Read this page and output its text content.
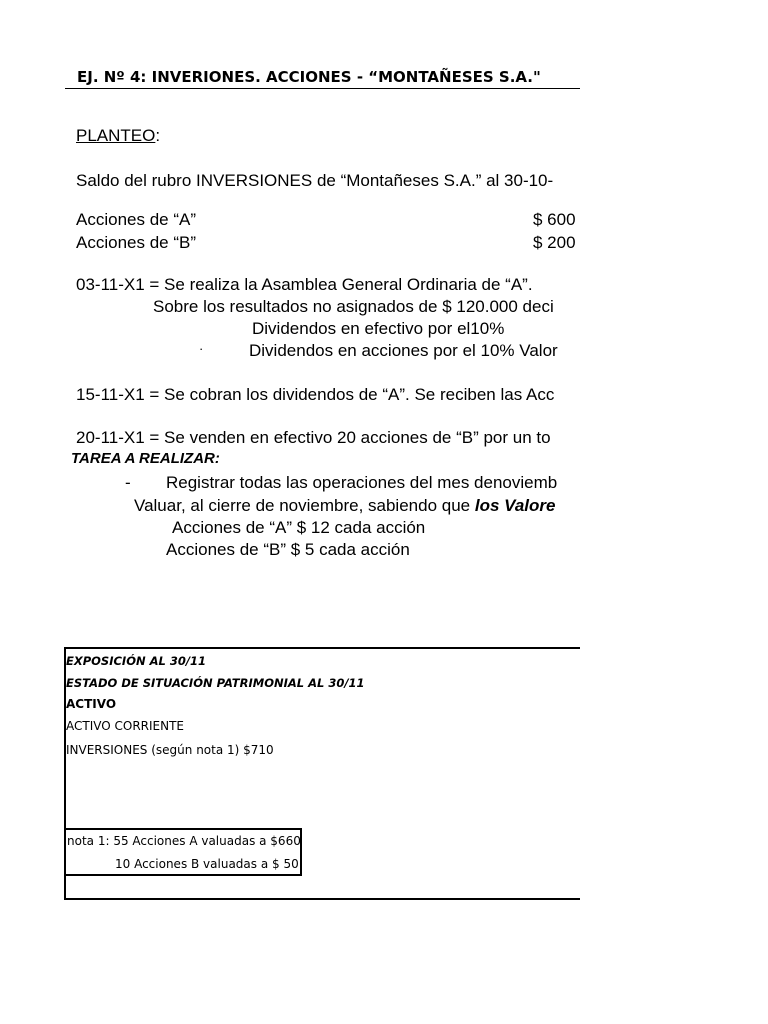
EJ. Nº 4: INVERIONES. ACCIONES - “MONTAÑESES S.A."
PLANTEO:
Saldo del rubro INVERSIONES de “Montañeses S.A.” al 30-10-
Acciones de “A”	$ 600
Acciones de “B”	$ 200
03-11-X1 = Se realiza la Asamblea General Ordinaria de “A”.
Sobre los resultados no asignados de $ 120.000 deci
Dividendos en efectivo por el10%
·	Dividendos en acciones por el 10% Valor
15-11-X1 = Se cobran los dividendos de “A”. Se reciben las Acc
20-11-X1 = Se venden en efectivo 20 acciones de “B” por un to
TAREA A REALIZAR:
- Registrar todas las operaciones del mes denoviemb
Valuar, al cierre de noviembre, sabiendo que los Valore
Acciones de “A” $ 12 cada acción
Acciones de “B” $ 5 cada acción
EXPOSICIÓN AL 30/11
ESTADO DE SITUACIÓN PATRIMONIAL AL 30/11
ACTIVO
ACTIVO CORRIENTE
INVERSIONES (según nota 1) $710
nota 1: 55 Acciones A valuadas a $660
10 Acciones B valuadas a $ 50
